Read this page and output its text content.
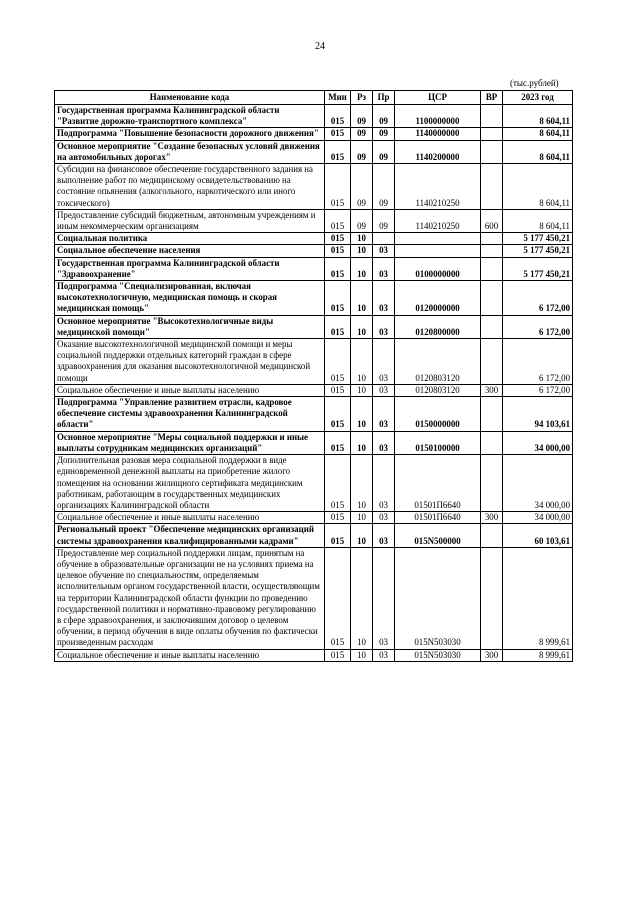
24
(тыс.рублей)
Наименование кода	Мин	Рз	Пр	ЦСР	ВР	2023 год
Государственная программа Калининградской области "Развитие дорожно-транспортного комплекса"	015	09	09	1100000000		8 604,11
Подпрограмма "Повышение безопасности дорожного движения"	015	09	09	1140000000		8 604,11
Основное мероприятие "Создание безопасных условий движения на автомобильных дорогах"	015	09	09	1140200000		8 604,11
Субсидии на финансовое обеспечение государственного задания на выполнение работ по медицинскому освидетельствованию на состояние опьянения (алкогольного, наркотического или иного токсического)	015	09	09	1140210250		8 604,11
Предоставление субсидий бюджетным, автономным учреждениям и иным некоммерческим организациям	015	09	09	1140210250	600	8 604,11
Социальная политика	015	10				5 177 450,21
Социальное обеспечение населения	015	10	03			5 177 450,21
Государственная программа Калининградской области "Здравоохранение"	015	10	03	0100000000		5 177 450,21
Подпрограмма "Специализированная, включая высокотехнологичную, медицинская помощь и скорая медицинская помощь"	015	10	03	0120000000		6 172,00
Основное мероприятие "Высокотехнологичные виды медицинской помощи"	015	10	03	0120800000		6 172,00
Оказание высокотехнологичной медицинской помощи и меры социальной поддержки отдельных категорий граждан в сфере здравоохранения для оказания высокотехнологичной медицинской помощи	015	10	03	0120803120		6 172,00
Социальное обеспечение и иные выплаты населению	015	10	03	0120803120	300	6 172,00
Подпрограмма "Управление развитием отрасли, кадровое обеспечение системы здравоохранения Калининградской области"	015	10	03	0150000000		94 103,61
Основное мероприятие "Меры социальной поддержки и иные выплаты сотрудникам медицинских организаций"	015	10	03	0150100000		34 000,00
Дополнительная разовая мера социальной поддержки в виде единовременной денежной выплаты на приобретение жилого помещения на основании жилищного сертификата медицинским работникам, работающим в государственных медицинских организациях Калининградской области	015	10	03	01501П6640		34 000,00
Социальное обеспечение и иные выплаты населению	015	10	03	01501П6640	300	34 000,00
Региональный проект "Обеспечение медицинских организаций системы здравоохранения квалифицированными кадрами"	015	10	03	015N500000		60 103,61
Предоставление мер социальной поддержки лицам, принятым на обучение в образовательные организации не на условиях приема на целевое обучение по специальностям, определяемым исполнительным органом государственной власти, осуществляющим на территории Калининградской области функции по проведению государственной политики и нормативно-правовому регулированию в сфере здравоохранения, и заключившим договор о целевом обучении, в период обучения в виде оплаты обучения по фактически произведенным расходам	015	10	03	015N503030		8 999,61
Социальное обеспечение и иные выплаты населению	015	10	03	015N503030	300	8 999,61
